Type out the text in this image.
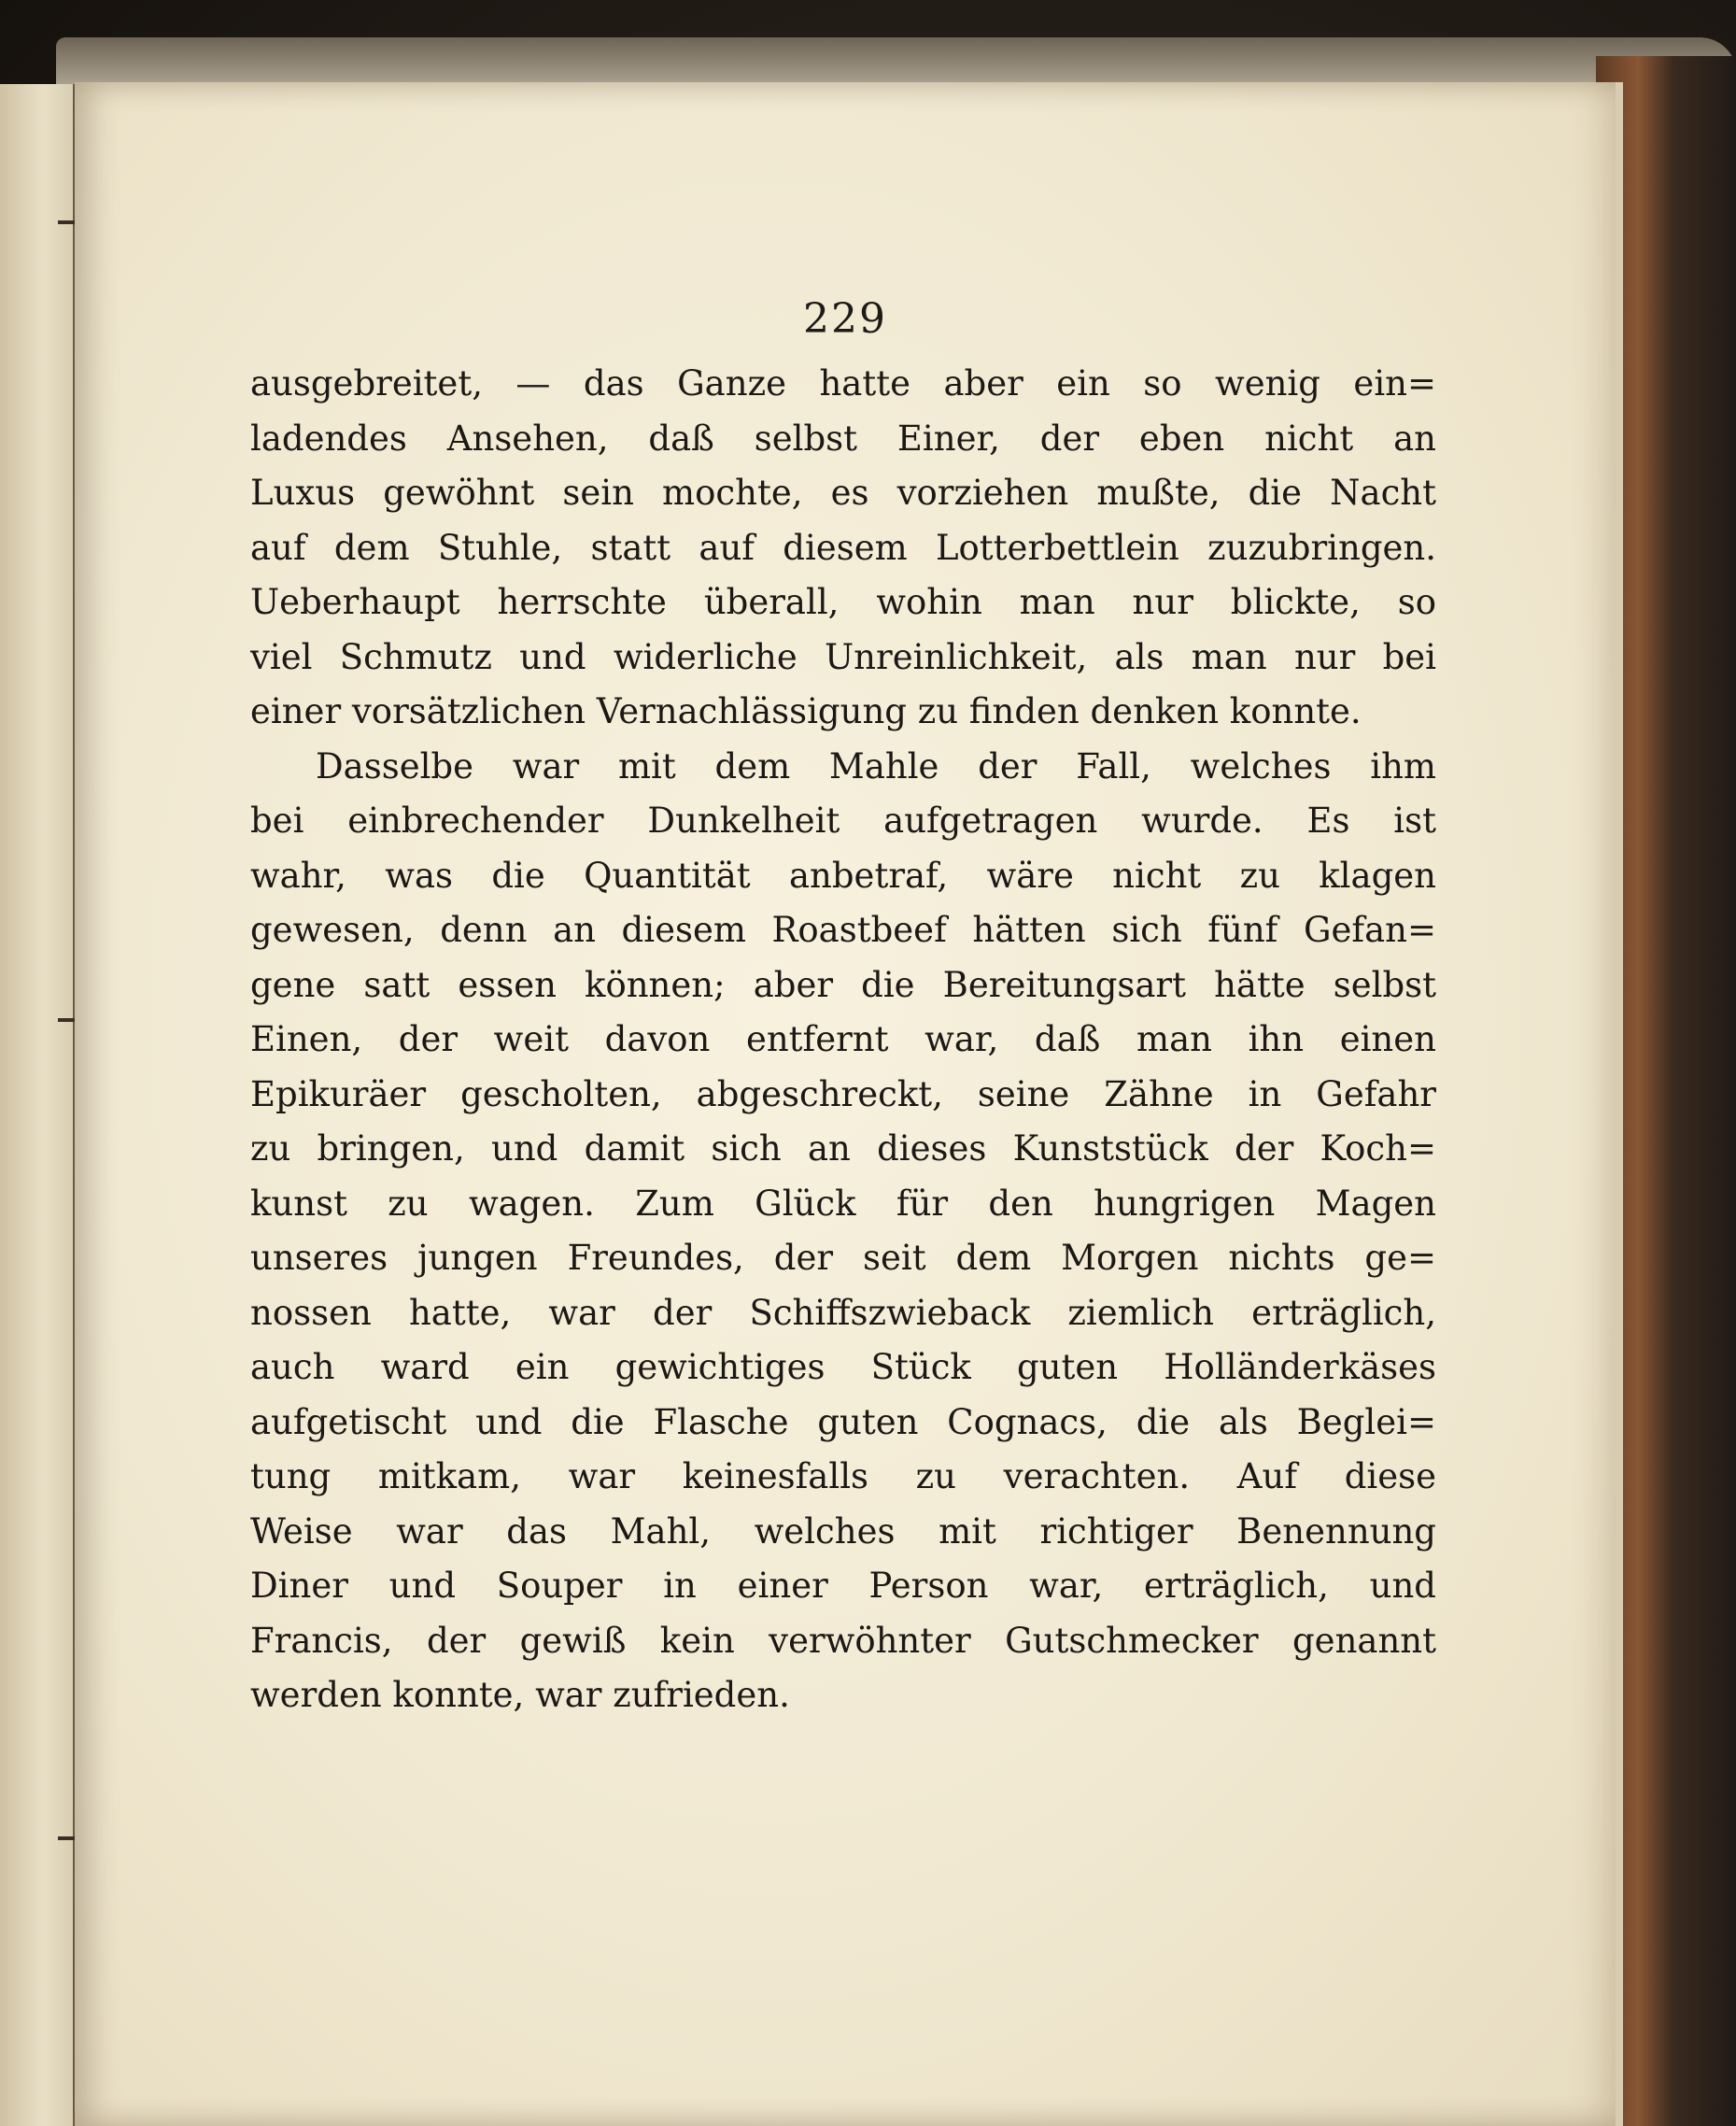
229
ausgebreitet, — das Ganze hatte aber ein so wenig ein=
ladendes Ansehen, daß selbst Einer, der eben nicht an
Luxus gewöhnt sein mochte, es vorziehen mußte, die Nacht
auf dem Stuhle, statt auf diesem Lotterbettlein zuzubringen.
Ueberhaupt herrschte überall, wohin man nur blickte, so
viel Schmutz und widerliche Unreinlichkeit, als man nur bei
einer vorsätzlichen Vernachlässigung zu finden denken konnte.
Dasselbe war mit dem Mahle der Fall, welches ihm
bei einbrechender Dunkelheit aufgetragen wurde. Es ist
wahr, was die Quantität anbetraf, wäre nicht zu klagen
gewesen, denn an diesem Roastbeef hätten sich fünf Gefan=
gene satt essen können; aber die Bereitungsart hätte selbst
Einen, der weit davon entfernt war, daß man ihn einen
Epikuräer gescholten, abgeschreckt, seine Zähne in Gefahr
zu bringen, und damit sich an dieses Kunststück der Koch=
kunst zu wagen. Zum Glück für den hungrigen Magen
unseres jungen Freundes, der seit dem Morgen nichts ge=
nossen hatte, war der Schiffszwieback ziemlich erträglich,
auch ward ein gewichtiges Stück guten Holländerkäses
aufgetischt und die Flasche guten Cognacs, die als Beglei=
tung mitkam, war keinesfalls zu verachten. Auf diese
Weise war das Mahl, welches mit richtiger Benennung
Diner und Souper in einer Person war, erträglich, und
Francis, der gewiß kein verwöhnter Gutschmecker genannt
werden konnte, war zufrieden.
